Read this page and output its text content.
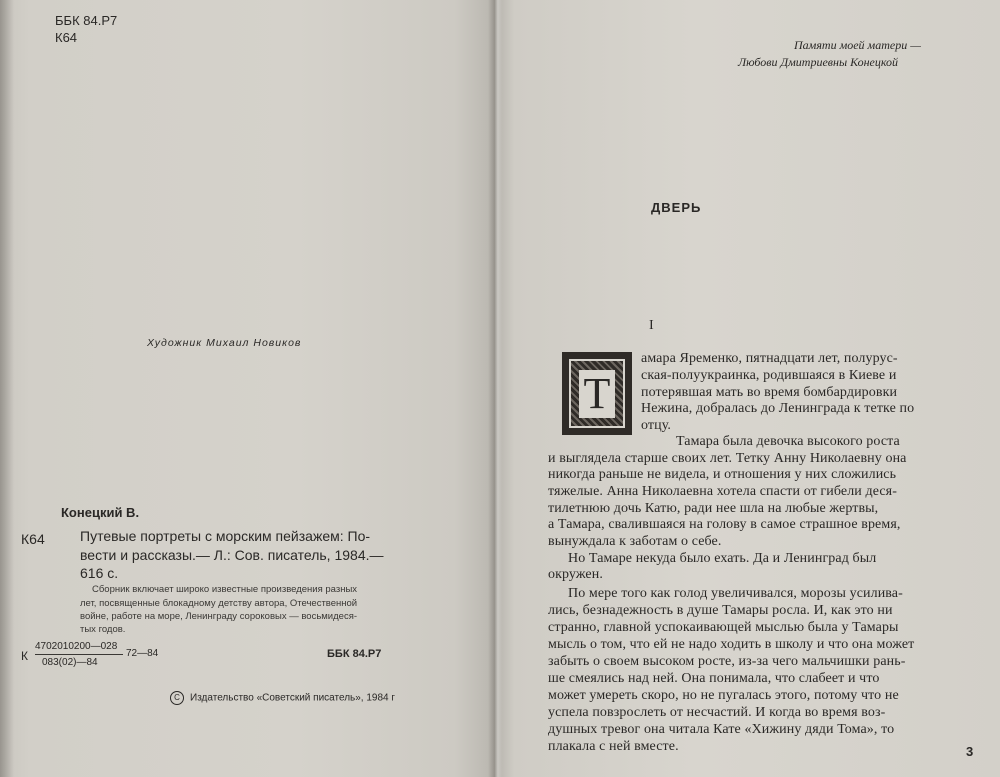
ББК 84.Р7
К64
Художник Михаил Новиков
Конецкий В.
К64	Путевые портреты с морским пейзажем: По-
вести и рассказы.— Л.: Сов. писатель, 1984.—
616 с.
Сборник включает широко известные произведения разных
лет, посвященные блокадному детству автора, Отечественной
войне, работе на море, Ленинграду сороковых — восьмидеся-
тых годов.
К
4702010200—028
083(02)—84
72—84	ББК 84.Р7
С Издательство «Советский писатель», 1984 г
Памяти моей матери —
Любови Дмитриевны Конецкой
ДВЕРЬ
I
Т
амара Яременко, пятнадцати лет, полурус-
ская-полуукраинка, родившаяся в Киеве и
потерявшая мать во время бомбардировки
Нежина, добралась до Ленинграда к тетке по
отцу.
Тамара была девочка высокого роста
и выглядела старше своих лет. Тетку Анну Николаевну она
никогда раньше не видела, и отношения у них сложились
тяжелые. Анна Николаевна хотела спасти от гибели деся-
тилетнюю дочь Катю, ради нее шла на любые жертвы,
а Тамара, свалившаяся на голову в самое страшное время,
вынуждала к заботам о себе.
Но Тамаре некуда было ехать. Да и Ленинград был
окружен.
По мере того как голод увеличивался, морозы усилива-
лись, безнадежность в душе Тамары росла. И, как это ни
странно, главной успокаивающей мыслью была у Тамары
мысль о том, что ей не надо ходить в школу и что она может
забыть о своем высоком росте, из-за чего мальчишки рань-
ше смеялись над ней. Она понимала, что слабеет и что
может умереть скоро, но не пугалась этого, потому что не
успела повзрослеть от несчастий. И когда во время воз-
душных тревог она читала Кате «Хижину дяди Тома», то
плакала с ней вместе.	3
